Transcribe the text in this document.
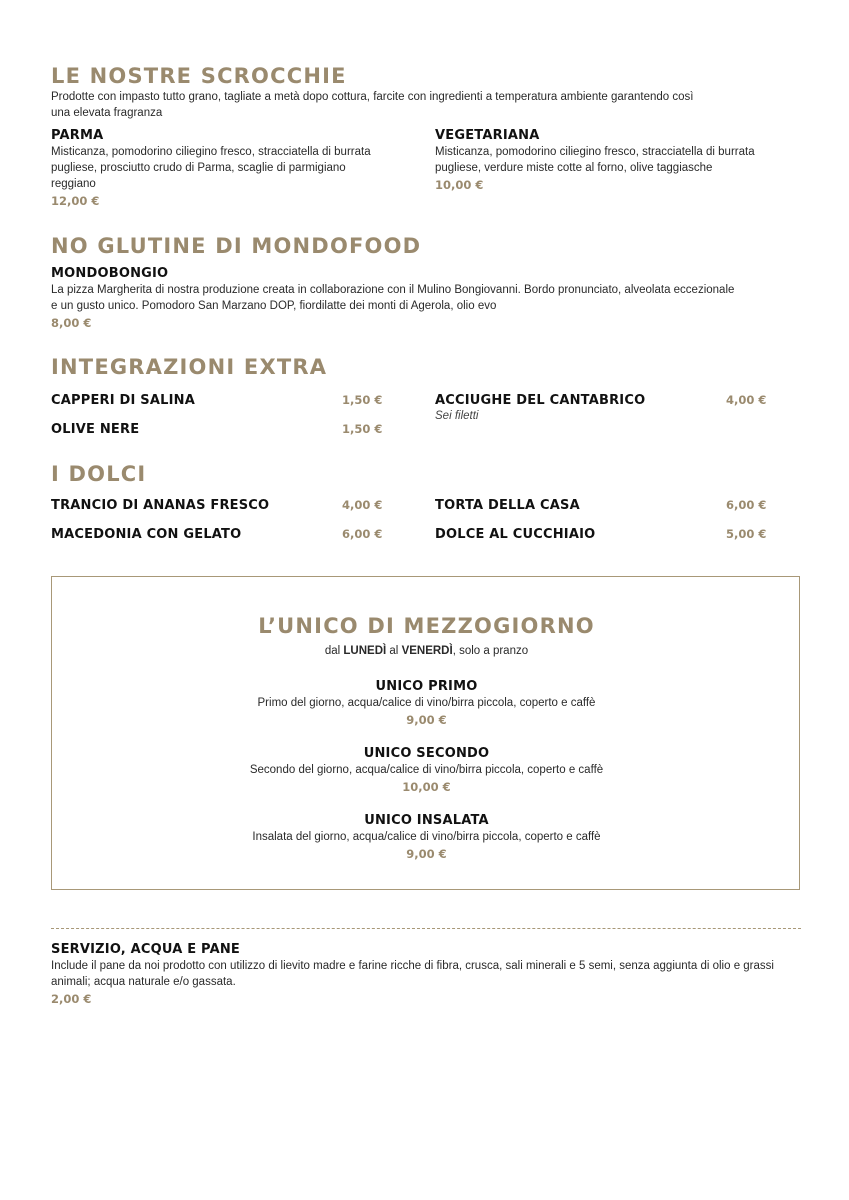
LE NOSTRE SCROCCHIE
Prodotte con impasto tutto grano, tagliate a metà dopo cottura, farcite con ingredienti a temperatura ambiente garantendo così una elevata fragranza
PARMA
Misticanza, pomodorino ciliegino fresco, stracciatella di burrata pugliese, prosciutto crudo di Parma, scaglie di parmigiano reggiano
12,00 €
VEGETARIANA
Misticanza, pomodorino ciliegino fresco, stracciatella di burrata pugliese, verdure miste cotte al forno, olive taggiasche
10,00 €
NO GLUTINE DI MONDOFOOD
MONDOBONGIO
La pizza Margherita di nostra produzione creata in collaborazione con il Mulino Bongiovanni. Bordo pronunciato, alveolata eccezionale e un gusto unico. Pomodoro San Marzano DOP, fiordilatte dei monti di Agerola, olio evo
8,00 €
INTEGRAZIONI EXTRA
CAPPERI DI SALINA	1,50 €
OLIVE NERE	1,50 €
ACCIUGHE DEL CANTABRICO	4,00 €
Sei filetti
I DOLCI
TRANCIO DI ANANAS FRESCO	4,00 €
MACEDONIA CON GELATO	6,00 €
TORTA DELLA CASA	6,00 €
DOLCE AL CUCCHIAIO	5,00 €
L’UNICO DI MEZZOGIORNO
dal LUNEDÌ al VENERDÌ, solo a pranzo
UNICO PRIMO
Primo del giorno, acqua/calice di vino/birra piccola, coperto e caffè
9,00 €
UNICO SECONDO
Secondo del giorno, acqua/calice di vino/birra piccola, coperto e caffè
10,00 €
UNICO INSALATA
Insalata del giorno, acqua/calice di vino/birra piccola, coperto e caffè
9,00 €
SERVIZIO, ACQUA E PANE
Include il pane da noi prodotto con utilizzo di lievito madre e farine ricche di fibra, crusca, sali minerali e 5 semi, senza aggiunta di olio e grassi animali; acqua naturale e/o gassata.
2,00 €
